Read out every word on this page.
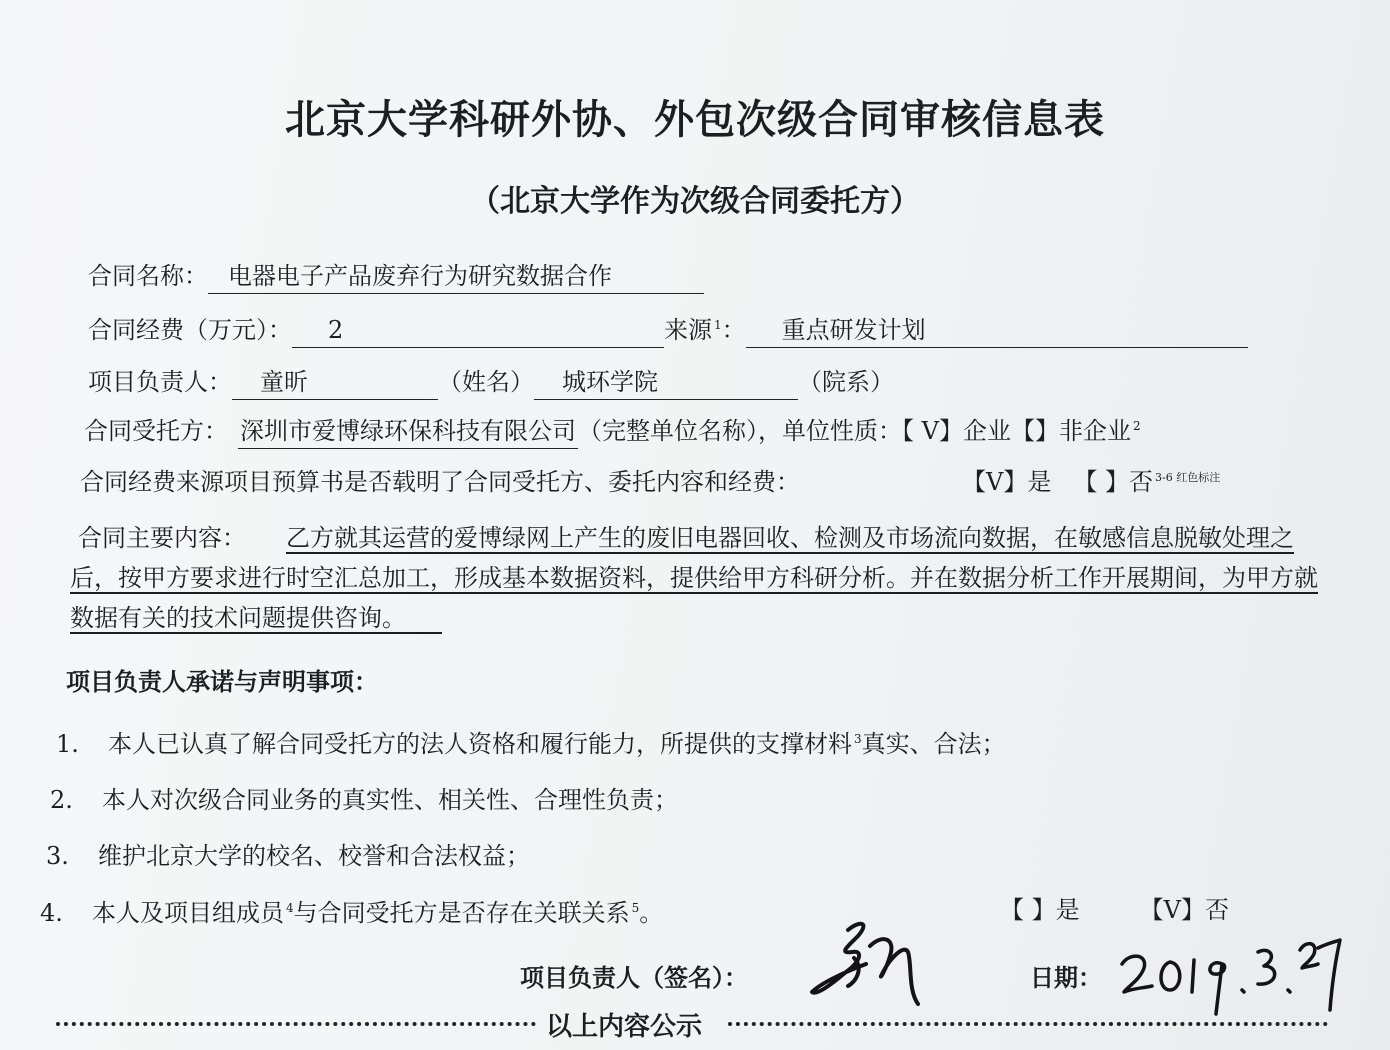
北京大学科研外协、外包次级合同审核信息表
（北京大学作为次级合同委托方）
合同名称： 电器电子产品废弃行为研究数据合作
合同经费（万元）： 2	来源 $^1$： 重点研发计划
项目负责人： 童昕	（姓名） 城环学院	（院系）
合同受托方： 深圳市爱博绿环保科技有限公司（完整单位名称），单位性质：【 V】企业【】非企业 $^2$
合同经费来源项目预算书是否载明了合同受托方、委托内容和经费：	【V】是 【 】否 $^{3-6 红色标注}$
合同主要内容： 乙方就其运营的爱博绿网上产生的废旧电器回收、检测及市场流向数据，在敏感信息脱敏处理之后，按甲方要求进行时空汇总加工，形成基本数据资料，提供给甲方科研分析。并在数据分析工作开展期间，为甲方就数据有关的技术问题提供咨询。　　
项目负责人承诺与声明事项：
1. 本人已认真了解合同受托方的法人资格和履行能力，所提供的支撑材料 $^3$真实、合法；
2. 本人对次级合同业务的真实性、相关性、合理性负责；
3. 维护北京大学的校名、校誉和合法权益；
4. 本人及项目组成员 $^4$与合同受托方是否存在关联关系 $^5$。	【 】是	【V】否
项目负责人（签名）：	日期：
以上内容公示
